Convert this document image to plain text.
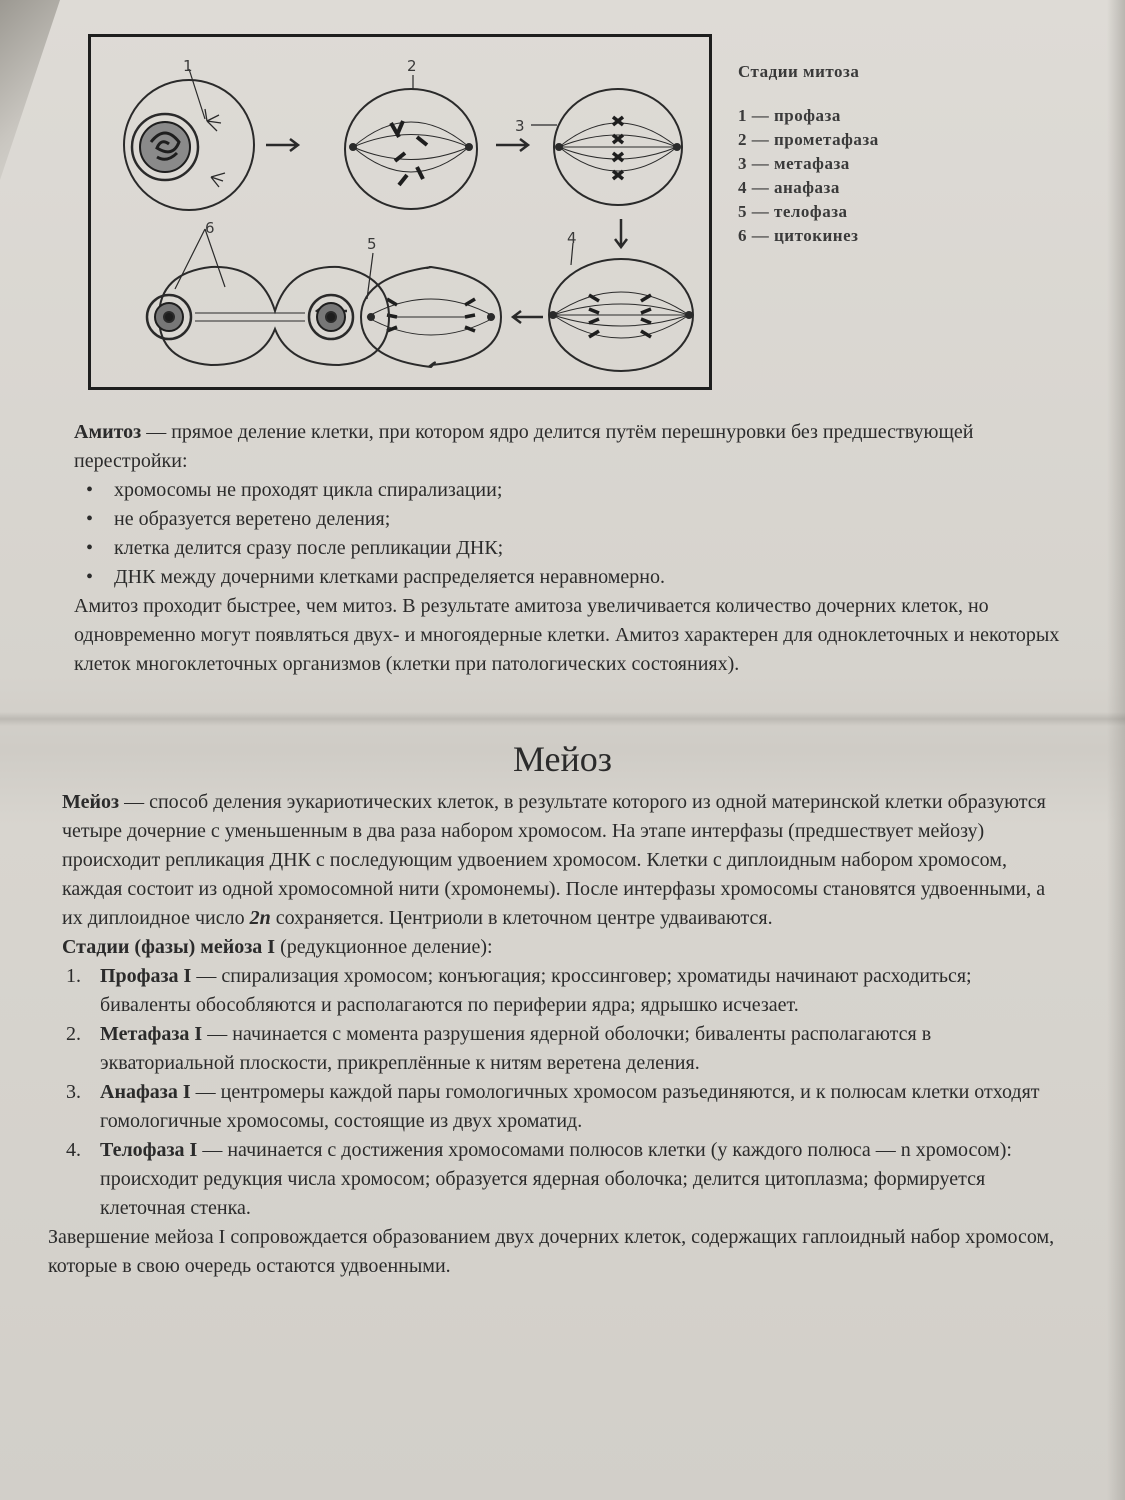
1	2
3
4
5
6
Стадии митоза
1 — профаза
2 — прометафаза
3 — метафаза
4 — анафаза
5 — телофаза
6 — цитокинез
Амитоз — прямое деление клетки, при котором ядро делится путём перешнуровки без предшествующей перестройки:
• хромосомы не проходят цикла спирализации;
• не образуется веретено деления;
• клетка делится сразу после репликации ДНК;
• ДНК между дочерними клетками распределяется неравномерно.
Амитоз проходит быстрее, чем митоз. В результате амитоза увеличивается количество дочерних клеток, но одновременно могут появляться двух- и многоядерные клетки. Амитоз характерен для одноклеточных и некоторых клеток многоклеточных организмов (клетки при патологических состояниях).
Мейоз
Мейоз — способ деления эукариотических клеток, в результате которого из одной материнской клетки образуются четыре дочерние с уменьшенным в два раза набором хромосом. На этапе интерфазы (предшествует мейозу) происходит репликация ДНК с последующим удвоением хромосом. Клетки с диплоидным набором хромосом, каждая состоит из одной хромосомной нити (хромонемы). После интерфазы хромосомы становятся удвоенными, а их диплоидное число 2n сохраняется. Центриоли в клеточном центре удваиваются.
Стадии (фазы) мейоза I (редукционное деление):
1. Профаза I — спирализация хромосом; конъюгация; кроссинговер; хроматиды начинают расходиться; биваленты обособляются и располагаются по периферии ядра; ядрышко исчезает.
2. Метафаза I — начинается с момента разрушения ядерной оболочки; биваленты располагаются в экваториальной плоскости, прикреплённые к нитям веретена деления.
3. Анафаза I — центромеры каждой пары гомологичных хромосом разъединяются, и к полюсам клетки отходят гомологичные хромосомы, состоящие из двух хроматид.
4. Телофаза I — начинается с достижения хромосомами полюсов клетки (у каждого полюса — n хромосом): происходит редукция числа хромосом; образуется ядерная оболочка; делится цитоплазма; формируется клеточная стенка.
Завершение мейоза I сопровождается образованием двух дочерних клеток, содержащих гаплоидный набор хромосом, которые в свою очередь остаются удвоенными.
